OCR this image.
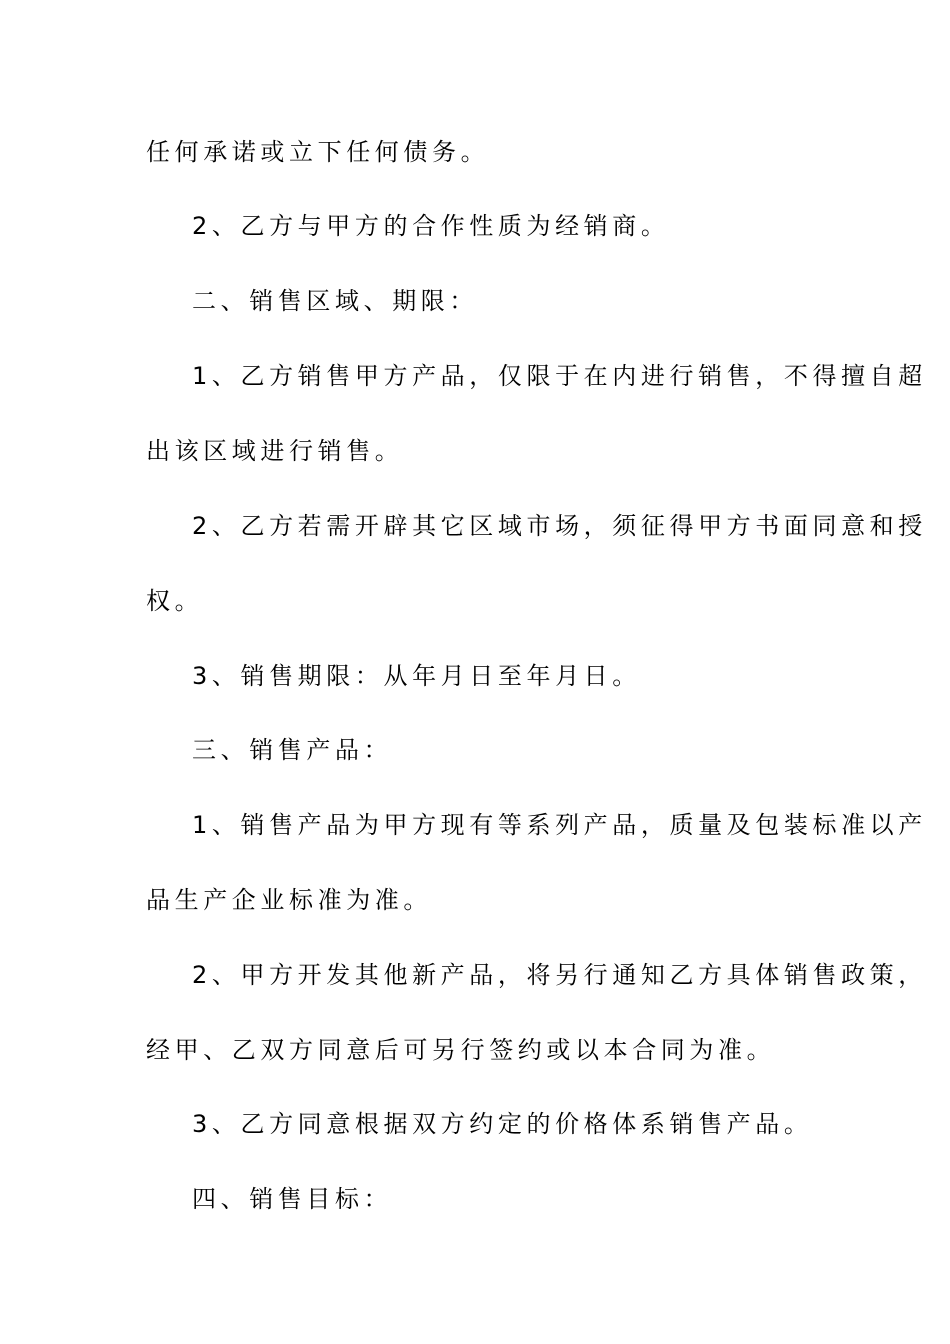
任何承诺或立下任何债务。
2、乙方与甲方的合作性质为经销商。
二、销售区域、期限：
1、乙方销售甲方产品，仅限于在内进行销售，不得擅自超
出该区域进行销售。
2、乙方若需开辟其它区域市场，须征得甲方书面同意和授
权。
3、销售期限：从年月日至年月日。
三、销售产品：
1、销售产品为甲方现有等系列产品，质量及包装标准以产
品生产企业标准为准。
2、甲方开发其他新产品，将另行通知乙方具体销售政策，
经甲、乙双方同意后可另行签约或以本合同为准。
3、乙方同意根据双方约定的价格体系销售产品。
四、销售目标：
